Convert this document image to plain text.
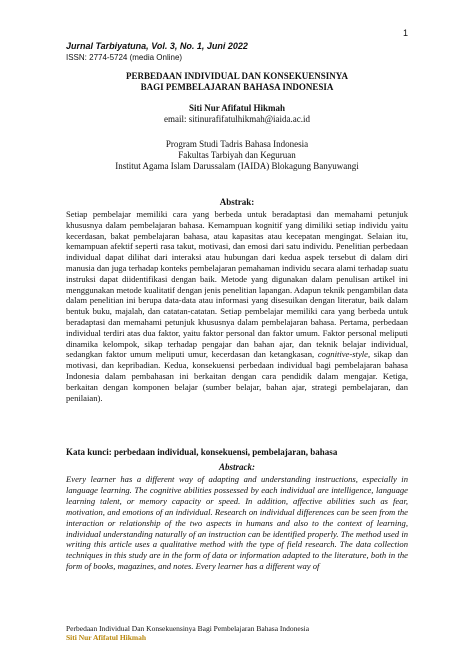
1
Jurnal Tarbiyatuna, Vol. 3, No. 1, Juni 2022
ISSN: 2774-5724 (media Online)
PERBEDAAN INDIVIDUAL DAN KONSEKUENSINYA
BAGI PEMBELAJARAN BAHASA INDONESIA
Siti Nur Afifatul Hikmah
email: sitinurafifatulhikmah@iaida.ac.id
Program Studi Tadris Bahasa Indonesia
Fakultas Tarbiyah dan Keguruan
Institut Agama Islam Darussalam (IAIDA) Blokagung Banyuwangi
Abstrak:
Setiap pembelajar memiliki cara yang berbeda untuk beradaptasi dan memahami petunjuk khususnya dalam pembelajaran bahasa. Kemampuan kognitif yang dimiliki setiap individu yaitu kecerdasan, bakat pembelajaran bahasa, atau kapasitas atau kecepatan mengingat. Selaian itu, kemampuan afektif seperti rasa takut, motivasi, dan emosi dari satu individu. Penelitian perbedaan individual dapat dilihat dari interaksi atau hubungan dari kedua aspek tersebut di dalam diri manusia dan juga terhadap konteks pembelajaran pemahaman individu secara alami terhadap suatu instruksi dapat diidentifikasi dengan baik. Metode yang digunakan dalam penulisan artikel ini menggunakan metode kualitatif dengan jenis penelitian lapangan. Adapun teknik pengambilan data dalam penelitian ini berupa data-data atau informasi yang disesuikan dengan literatur, baik dalam bentuk buku, majalah, dan catatan-catatan. Setiap pembelajar memiliki cara yang berbeda untuk beradaptasi dan memahami petunjuk khususnya dalam pembelajaran bahasa. Pertama, perbedaan individual terdiri atas dua faktor, yaitu faktor personal dan faktor umum. Faktor personal meliputi dinamika kelompok, sikap terhadap pengajar dan bahan ajar, dan teknik belajar individual, sedangkan faktor umum meliputi umur, kecerdasan dan ketangkasan, cognitive-style, sikap dan motivasi, dan kepribadian. Kedua, konsekuensi perbedaan individual bagi pembelajaran bahasa Indonesia dalam pembahasan ini berkaitan dengan cara pendidik dalam mengajar. Ketiga, berkaitan dengan komponen belajar (sumber belajar, bahan ajar, strategi pembelajaran, dan penilaian).
Kata kunci: perbedaan individual, konsekuensi, pembelajaran, bahasa
Abstrack:
Every learner has a different way of adapting and understanding instructions, especially in language learning. The cognitive abilities possessed by each individual are intelligence, language learning talent, or memory capacity or speed. In addition, affective abilities such as fear, motivation, and emotions of an individual. Research on individual differences can be seen from the interaction or relationship of the two aspects in humans and also to the context of learning, individual understanding naturally of an instruction can be identified properly. The method used in writing this article uses a qualitative method with the type of field research. The data collection techniques in this study are in the form of data or information adapted to the literature, both in the form of books, magazines, and notes. Every learner has a different way of
Perbedaan Individual Dan Konsekuensinya Bagi Pembelajaran Bahasa Indonesia
Siti Nur Afifatul Hikmah
